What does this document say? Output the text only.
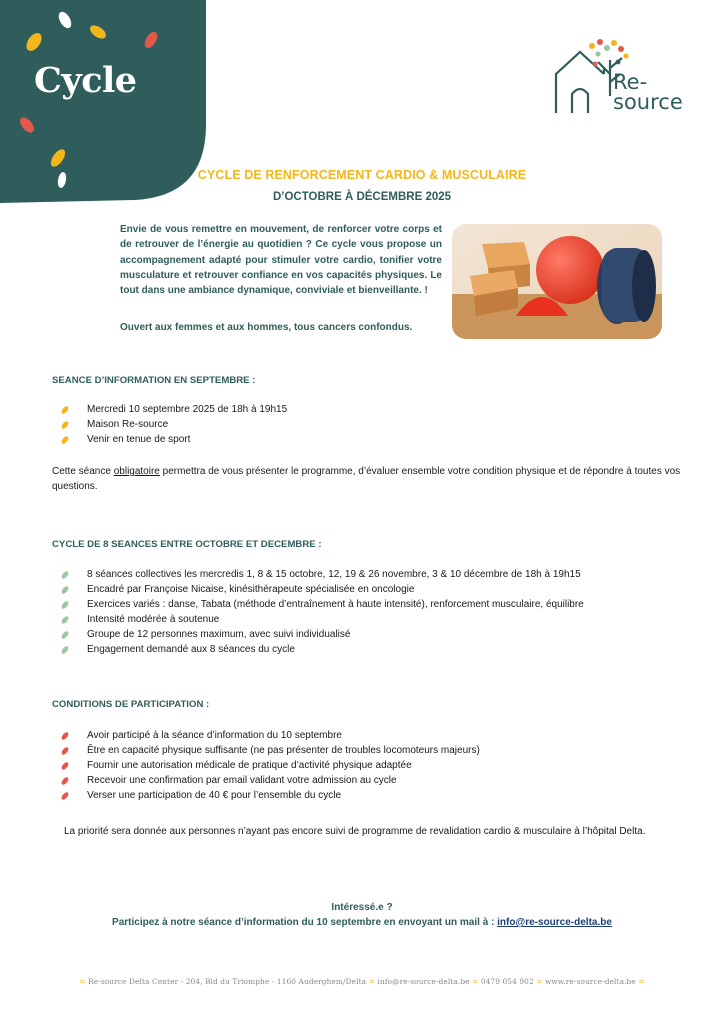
Cycle	Re-
source
CYCLE DE RENFORCEMENT CARDIO & MUSCULAIRE
D’OCTOBRE À DÉCEMBRE 2025
Envie de vous remettre en mouvement, de renforcer votre corps et de retrouver de l’énergie au quotidien ? Ce cycle vous propose un accompagnement adapté pour stimuler votre cardio, tonifier votre musculature et retrouver confiance en vos capacités physiques. Le tout dans une ambiance dynamique, conviviale et bienveillante. !
Ouvert aux femmes et aux hommes, tous cancers confondus.
SEANCE D’INFORMATION EN SEPTEMBRE :
Mercredi 10 septembre 2025 de 18h à 19h15
Maison Re-source
Venir en tenue de sport
Cette séance obligatoire permettra de vous présenter le programme, d’évaluer ensemble votre condition physique et de répondre à toutes vos questions.
CYCLE DE 8 SEANCES ENTRE OCTOBRE ET DECEMBRE :
8 séances collectives les mercredis 1, 8 & 15 octobre, 12, 19 & 26 novembre, 3 & 10 décembre de 18h à 19h15
Encadré par Françoise Nicaise, kinésithérapeute spécialisée en oncologie
Exercices variés : danse, Tabata (méthode d’entraînement à haute intensité), renforcement musculaire, équilibre
Intensité modérée à soutenue
Groupe de 12 personnes maximum, avec suivi individualisé
Engagement demandé aux 8 séances du cycle
CONDITIONS DE PARTICIPATION :
Avoir participé à la séance d’information du 10 septembre
Être en capacité physique suffisante (ne pas présenter de troubles locomoteurs majeurs)
Fournir une autorisation médicale de pratique d’activité physique adaptée
Recevoir une confirmation par email validant votre admission au cycle
Verser une participation de 40 € pour l’ensemble du cycle
La priorité sera donnée aux personnes n’ayant pas encore suivi de programme de revalidation cardio & musculaire à l’hôpital Delta.
Intéressé.e ?
Participez à notre séance d’information du 10 septembre en envoyant un mail à : info@re-source-delta.be
= Re-source Delta Center - 204, Bld du Triomphe - 1160 Auderghem/Delta = info@re-source-delta.be = 0479 054 902 = www.re-source-delta.be =
